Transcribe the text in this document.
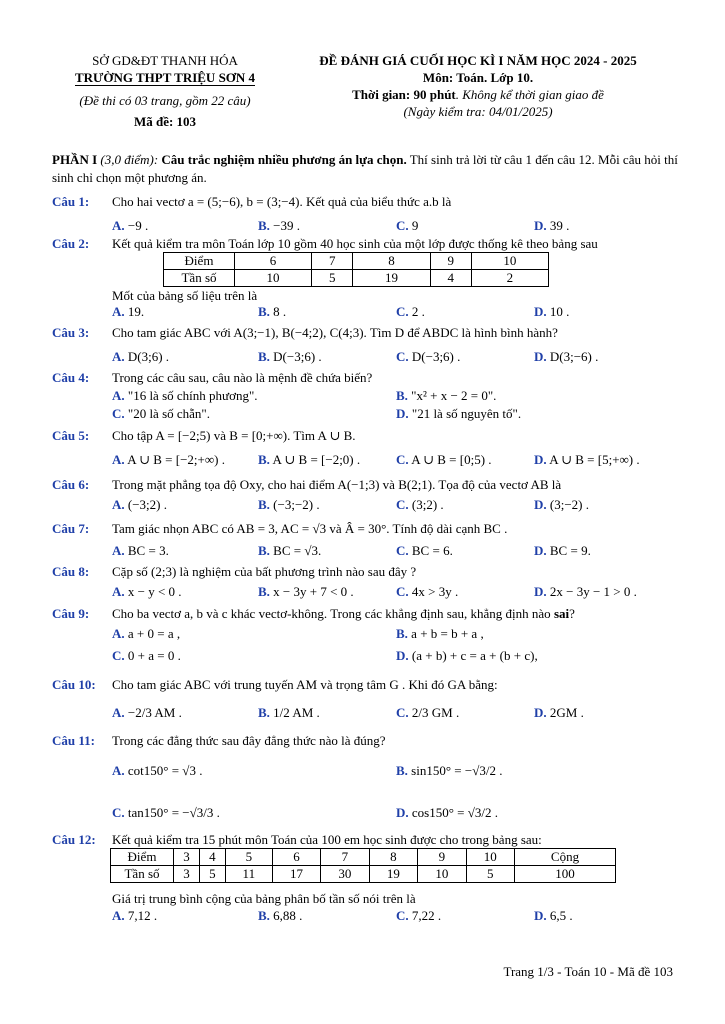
SỞ GD&ĐT THANH HÓA
TRƯỜNG THPT TRIỆU SƠN 4
(Đề thi có 03 trang, gồm 22 câu)
Mã đề: 103
ĐỀ ĐÁNH GIÁ CUỐI HỌC KÌ I NĂM HỌC 2024 - 2025
Môn: Toán. Lớp 10.
Thời gian: 90 phút. Không kể thời gian giao đề
(Ngày kiểm tra: 04/01/2025)
PHẦN I (3,0 điểm): Câu trắc nghiệm nhiều phương án lựa chọn. Thí sinh trả lời từ câu 1 đến câu 12. Mỗi câu hỏi thí sinh chỉ chọn một phương án.
Câu 1: Cho hai vectơ a = (5;−6), b = (3;−4). Kết quả của biểu thức a.b là
A. −9 .	B. −39 .	C. 9	D. 39 .
Câu 2: Kết quả kiểm tra môn Toán lớp 10 gồm 40 học sinh của một lớp được thống kê theo bảng sau
Điểm	6	7	8	9	10
Tần số	10	5	19	4	2
Mốt của bảng số liệu trên là
A. 19.	B. 8 .	C. 2 .	D. 10 .
Câu 3: Cho tam giác ABC với A(3;−1), B(−4;2), C(4;3). Tìm D để ABDC là hình bình hành?
A. D(3;6) .	B. D(−3;6) .	C. D(−3;6) .	D. D(3;−6) .
Câu 4: Trong các câu sau, câu nào là mệnh đề chứa biến?
A. "16 là số chính phương".	B. "x² + x − 2 = 0".
C. "20 là số chẵn".	D. "21 là số nguyên tố".
Câu 5: Cho tập A = [−2;5) và B = [0;+∞). Tìm A ∪ B.
A. A ∪ B = [−2;+∞) .	B. A ∪ B = [−2;0) .	C. A ∪ B = [0;5) .	D. A ∪ B = [5;+∞) .
Câu 6: Trong mặt phẳng tọa độ Oxy, cho hai điểm A(−1;3) và B(2;1). Tọa độ của vectơ AB là
A. (−3;2) .	B. (−3;−2) .	C. (3;2) .	D. (3;−2) .
Câu 7: Tam giác nhọn ABC có AB = 3, AC = √3 và Â = 30°. Tính độ dài cạnh BC .
A. BC = 3.	B. BC = √3.	C. BC = 6.	D. BC = 9.
Câu 8: Cặp số (2;3) là nghiệm của bất phương trình nào sau đây ?
A. x − y < 0 .	B. x − 3y + 7 < 0 .	C. 4x > 3y .	D. 2x − 3y − 1 > 0 .
Câu 9: Cho ba vectơ a, b và c khác vectơ-không. Trong các khẳng định sau, khẳng định nào sai?
A. a + 0 = a ,	B. a + b = b + a ,
C. 0 + a = 0 .	D. (a + b) + c = a + (b + c),
Câu 10: Cho tam giác ABC với trung tuyến AM và trọng tâm G . Khi đó GA bằng:
A. −2/3 AM .	B. 1/2 AM .	C. 2/3 GM .	D. 2GM .
Câu 11: Trong các đẳng thức sau đây đẳng thức nào là đúng?
A. cot150° = √3 .	B. sin150° = −√3/2 .
C. tan150° = −√3/3 .	D. cos150° = √3/2 .
Câu 12: Kết quả kiểm tra 15 phút môn Toán của 100 em học sinh được cho trong bảng sau:
Điểm	3	4	5	6	7	8	9	10	Cộng
Tần số	3	5	11	17	30	19	10	5	100
Giá trị trung bình cộng của bảng phân bố tần số nói trên là
A. 7,12 .	B. 6,88 .	C. 7,22 .	D. 6,5 .
Trang 1/3 - Toán 10 - Mã đề 103
